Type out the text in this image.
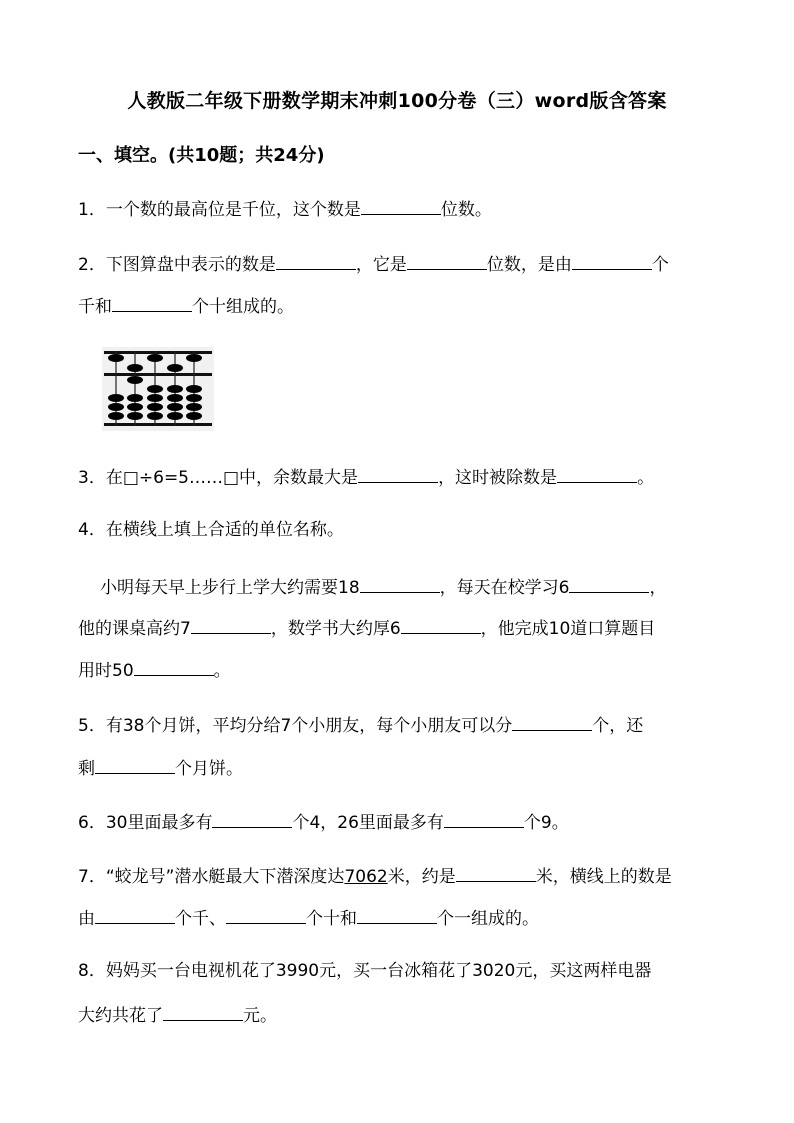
人教版二年级下册数学期末冲刺100分卷（三）word版含答案
一、填空。(共10题；共24分)
1．一个数的最高位是千位，这个数是	位数。
2．下图算盘中表示的数是	，它是	位数，是由	个
千和	个十组成的。
3．在□÷6=5……□中，余数最大是	，这时被除数是	。
4．在横线上填上合适的单位名称。
小明每天早上步行上学大约需要18	，每天在校学习6	，
他的课桌高约7	，数学书大约厚6	，他完成10道口算题目
用时50	。
5．有38个月饼，平均分给7个小朋友，每个小朋友可以分	个，还
剩	个月饼。
6．30里面最多有	个4，26里面最多有	个9。
7．“蛟龙号”潜水艇最大下潜深度达7062米，约是	米，横线上的数是
由	个千、	个十和	个一组成的。
8．妈妈买一台电视机花了3990元，买一台冰箱花了3020元，买这两样电器
大约共花了	元。
